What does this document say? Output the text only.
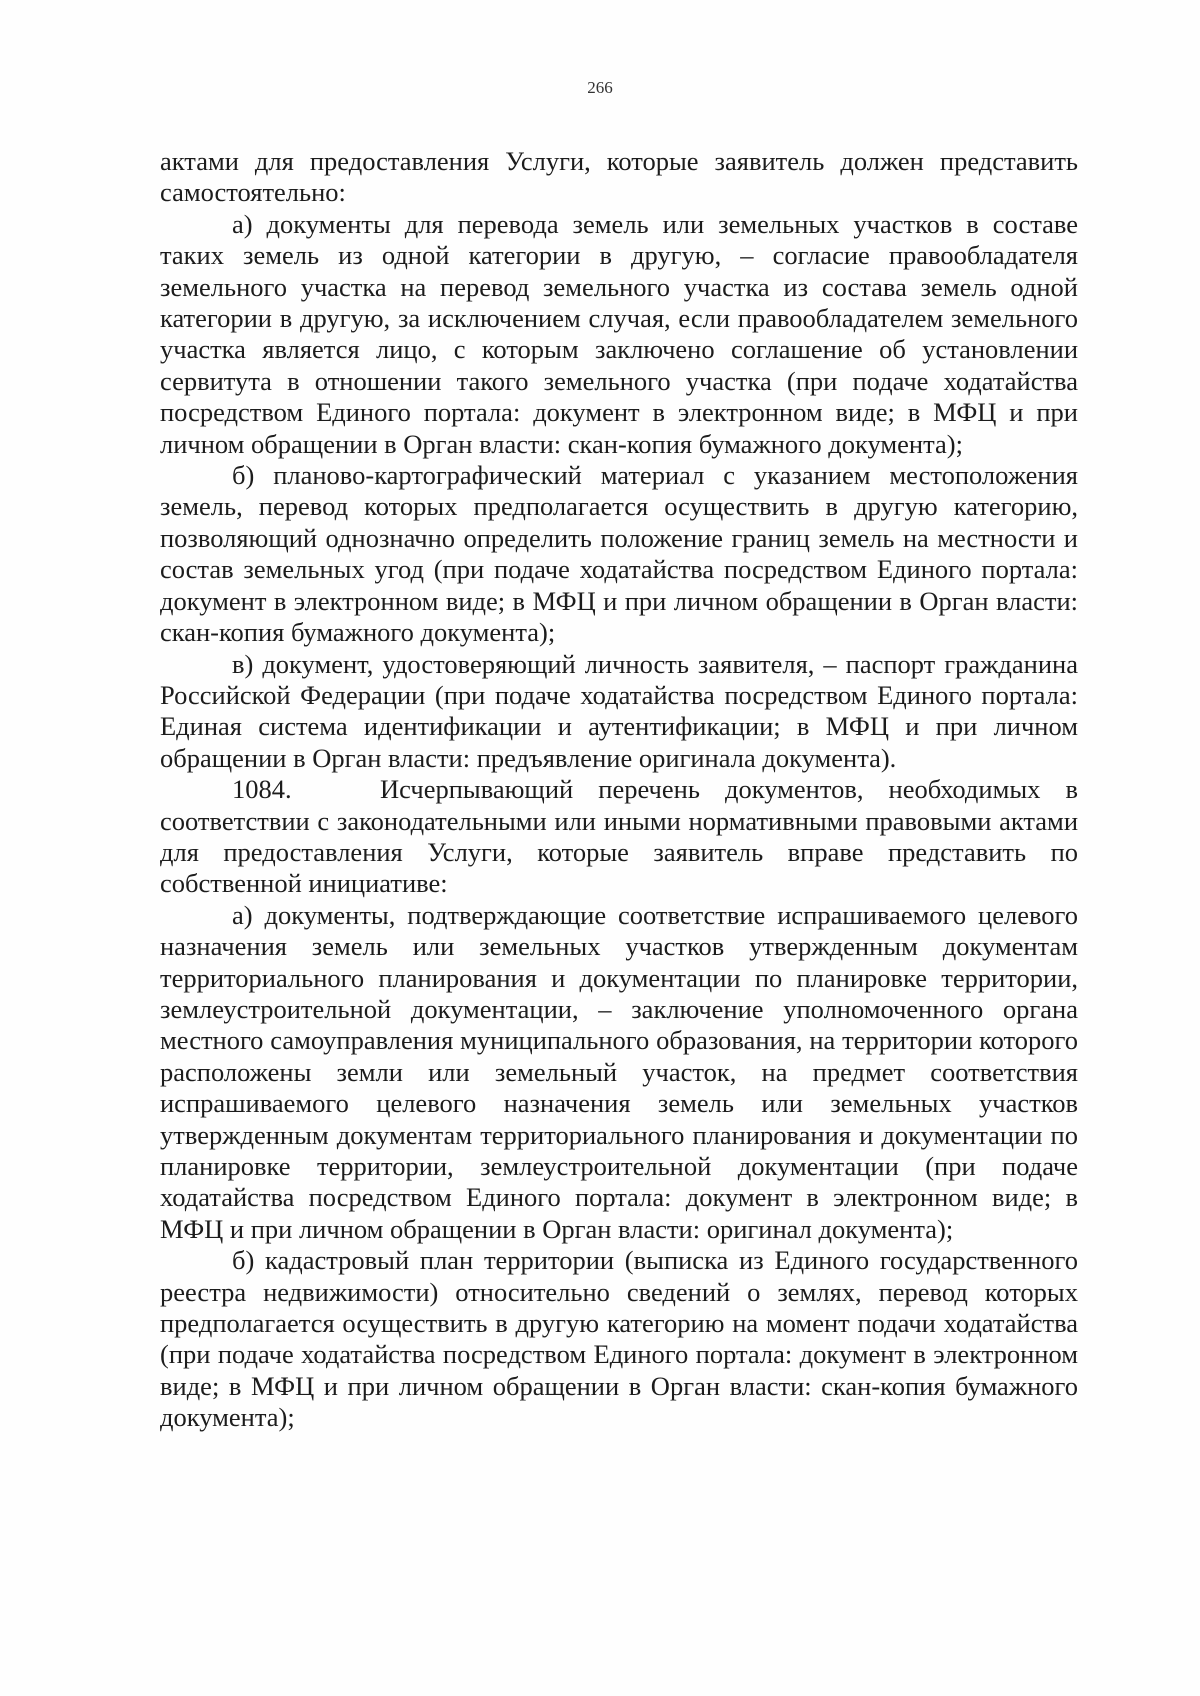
266

актами для предоставления Услуги, которые заявитель должен представить самостоятельно:

а) документы для перевода земель или земельных участков в составе таких земель из одной категории в другую, – согласие правообладателя земельного участка на перевод земельного участка из состава земель одной категории в другую, за исключением случая, если правообладателем земельного участка является лицо, с которым заключено соглашение об установлении сервитута в отношении такого земельного участка (при подаче ходатайства посредством Единого портала: документ в электронном виде; в МФЦ и при личном обращении в Орган власти: скан-копия бумажного документа);

б) планово-картографический материал с указанием местоположения земель, перевод которых предполагается осуществить в другую категорию, позволяющий однозначно определить положение границ земель на местности и состав земельных угод (при подаче ходатайства посредством Единого портала: документ в электронном виде; в МФЦ и при личном обращении в Орган власти: скан-копия бумажного документа);

в) документ, удостоверяющий личность заявителя, – паспорт гражданина Российской Федерации (при подаче ходатайства посредством Единого портала: Единая система идентификации и аутентификации; в МФЦ и при личном обращении в Орган власти: предъявление оригинала документа).

1084.	Исчерпывающий перечень документов, необходимых в соответствии с законодательными или иными нормативными правовыми актами для предоставления Услуги, которые заявитель вправе представить по собственной инициативе:

а) документы, подтверждающие соответствие испрашиваемого целевого назначения земель или земельных участков утвержденным документам территориального планирования и документации по планировке территории, землеустроительной документации, – заключение уполномоченного органа местного самоуправления муниципального образования, на территории которого расположены земли или земельный участок, на предмет соответствия испрашиваемого целевого назначения земель или земельных участков утвержденным документам территориального планирования и документации по планировке территории, землеустроительной документации (при подаче ходатайства посредством Единого портала: документ в электронном виде; в МФЦ и при личном обращении в Орган власти: оригинал документа);

б) кадастровый план территории (выписка из Единого государственного реестра недвижимости) относительно сведений о землях, перевод которых предполагается осуществить в другую категорию на момент подачи ходатайства (при подаче ходатайства посредством Единого портала: документ в электронном виде; в МФЦ и при личном обращении в Орган власти: скан-копия бумажного документа);
